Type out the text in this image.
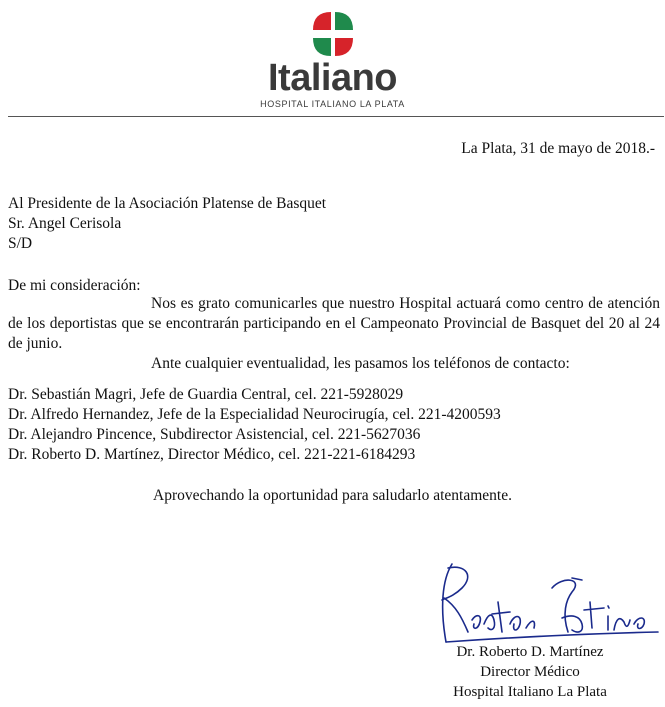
Italiano
HOSPITAL ITALIANO LA PLATA
La Plata, 31 de mayo de 2018.-
Al Presidente de la Asociación Platense de Basquet
Sr. Angel Cerisola
S/D
De mi consideración:
Nos es grato comunicarles que nuestro Hospital actuará como centro de atención de los deportistas que se encontrarán participando en el Campeonato Provincial de Basquet del 20 al 24 de junio.
Ante cualquier eventualidad, les pasamos los teléfonos de contacto:
Dr. Sebastián Magri, Jefe de Guardia Central, cel. 221-5928029
Dr. Alfredo Hernandez, Jefe de la Especialidad Neurocirugía, cel. 221-4200593
Dr. Alejandro Pincence, Subdirector Asistencial, cel. 221-5627036
Dr. Roberto D. Martínez, Director Médico, cel. 221-221-6184293
Aprovechando la oportunidad para saludarlo atentamente.
Dr. Roberto D. Martínez
Director Médico
Hospital Italiano La Plata
